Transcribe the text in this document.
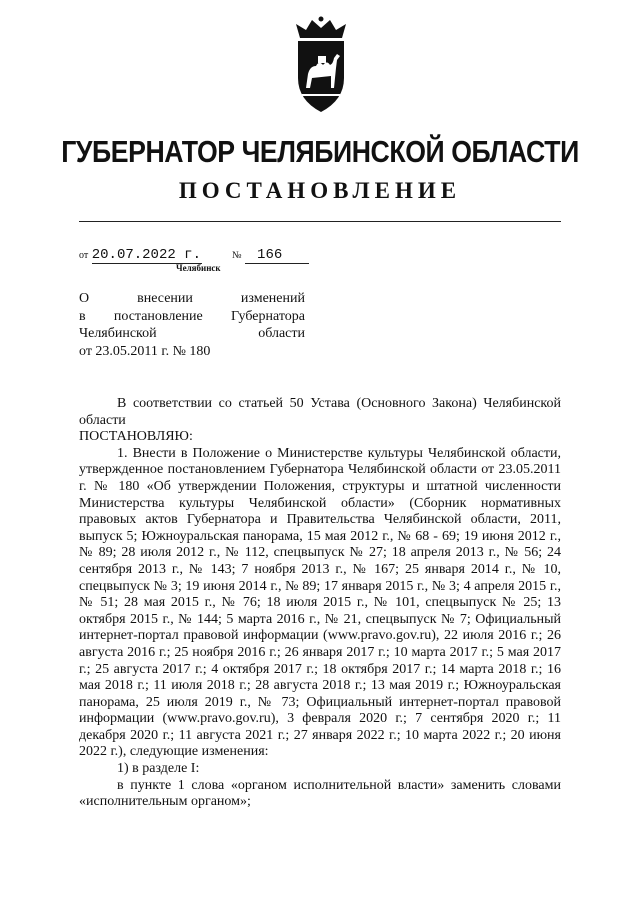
ГУБЕРНАТОР ЧЕЛЯБИНСКОЙ ОБЛАСТИ
ПОСТАНОВЛЕНИЕ
от 20.07.2022 г.	№ 166
Челябинск
О внесении изменений
в постановление Губернатора
Челябинской области
от 23.05.2011 г. № 180

В соответствии со статьей 50 Устава (Основного Закона) Челябинской области

ПОСТАНОВЛЯЮ:

1. Внести в Положение о Министерстве культуры Челябинской области, утвержденное постановлением Губернатора Челябинской области от 23.05.2011 г. № 180 «Об утверждении Положения, структуры и штатной численности Министерства культуры Челябинской области» (Сборник нормативных правовых актов Губернатора и Правительства Челябинской области, 2011, выпуск 5; Южноуральская панорама, 15 мая 2012 г., № 68 - 69; 19 июня 2012 г., № 89; 28 июля 2012 г., № 112, спецвыпуск № 27; 18 апреля 2013 г., № 56; 24 сентября 2013 г., № 143; 7 ноября 2013 г., № 167; 25 января 2014 г., № 10, спецвыпуск № 3; 19 июня 2014 г., № 89; 17 января 2015 г., № 3; 4 апреля 2015 г., № 51; 28 мая 2015 г., № 76; 18 июля 2015 г., № 101, спецвыпуск № 25; 13 октября 2015 г., № 144; 5 марта 2016 г., № 21, спецвыпуск № 7; Официальный интернет-портал правовой информации (www.pravo.gov.ru), 22 июля 2016 г.; 26 августа 2016 г.; 25 ноября 2016 г.; 26 января 2017 г.; 10 марта 2017 г.; 5 мая 2017 г.; 25 августа 2017 г.; 4 октября 2017 г.; 18 октября 2017 г.; 14 марта 2018 г.; 16 мая 2018 г.; 11 июля 2018 г.; 28 августа 2018 г.; 13 мая 2019 г.; Южноуральская панорама, 25 июля 2019 г., № 73; Официальный интернет-портал правовой информации (www.pravo.gov.ru), 3 февраля 2020 г.; 7 сентября 2020 г.; 11 декабря 2020 г.; 11 августа 2021 г.; 27 января 2022 г.; 10 марта 2022 г.; 20 июня 2022 г.), следующие изменения:

1) в разделе I:

в пункте 1 слова «органом исполнительной власти» заменить словами «исполнительным органом»;
